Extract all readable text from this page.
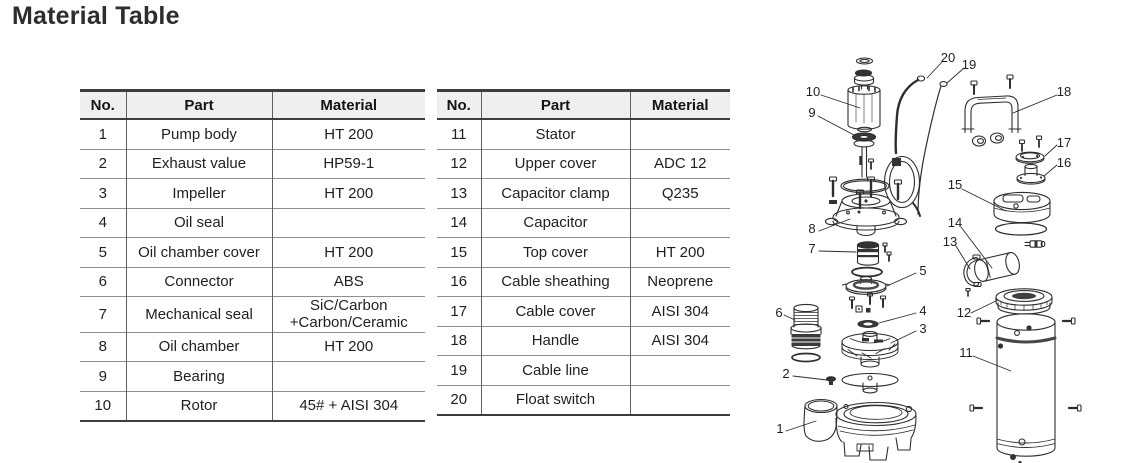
Material Table
No.	Part	Material
1	Pump body	HT 200
2	Exhaust value	HP59-1
3	Impeller	HT 200
4	Oil seal	
5	Oil chamber cover	HT 200
6	Connector	ABS
7	Mechanical seal	SiC/Carbon +Carbon/Ceramic
8	Oil chamber	HT 200
9	Bearing	
10	Rotor	45# + AISI 304
No.	Part	Material
11	Stator	
12	Upper cover	ADC 12
13	Capacitor clamp	Q235
14	Capacitor	
15	Top cover	HT 200
16	Cable sheathing	Neoprene
17	Cable cover	AISI 304
18	Handle	AISI 304
19	Cable line	
20	Float switch	
1
2
3
4
5
6
7
8
9
10
11
12
13
14
15
16
17
18
19
20
